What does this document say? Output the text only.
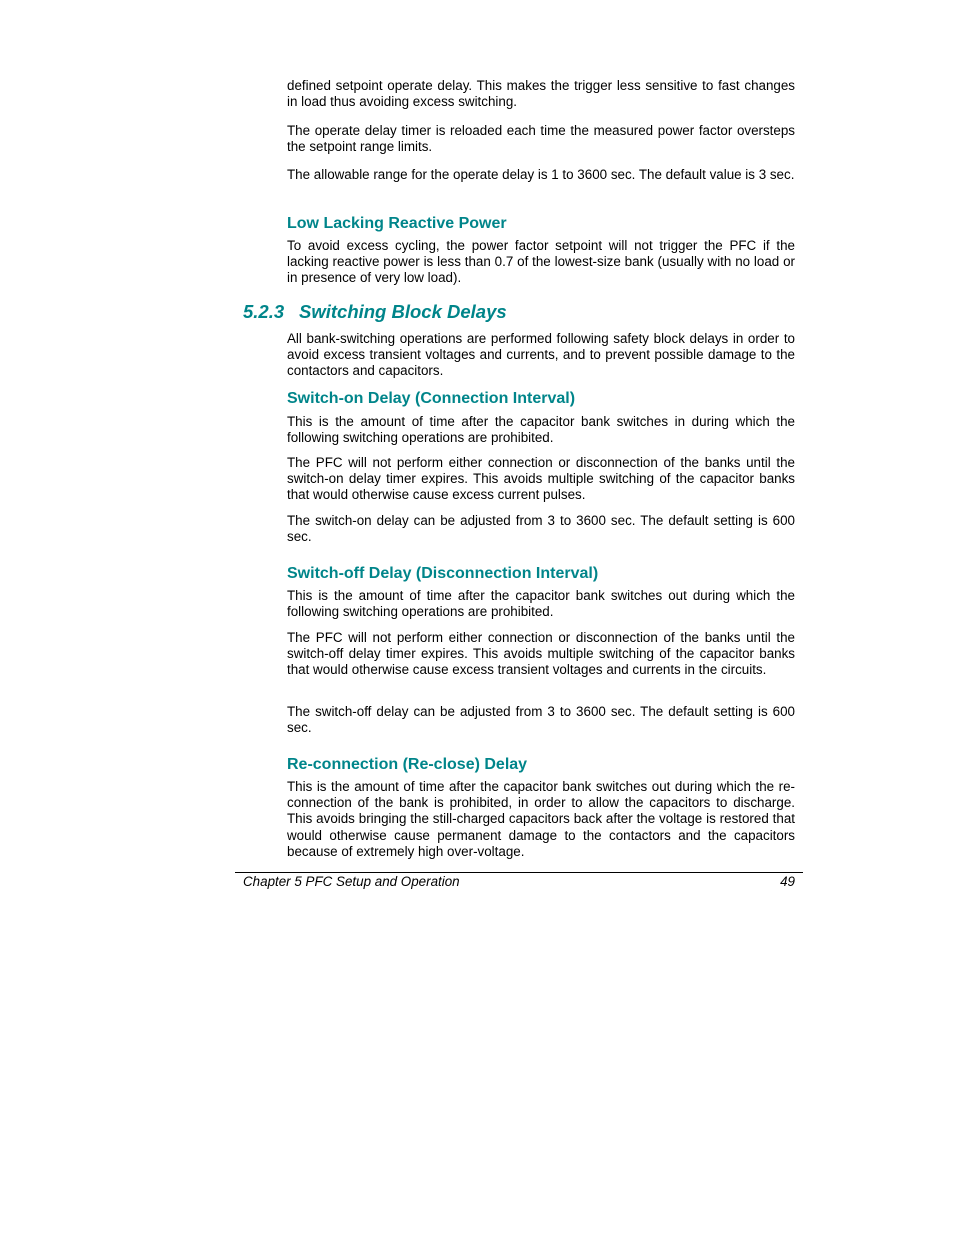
defined setpoint operate delay. This makes the trigger less sensitive to fast changes in load thus avoiding excess switching.

The operate delay timer is reloaded each time the measured power factor oversteps the setpoint range limits.

The allowable range for the operate delay is 1 to 3600 sec. The default value is 3 sec.

Low Lacking Reactive Power

To avoid excess cycling, the power factor setpoint will not trigger the PFC if the lacking reactive power is less than 0.7 of the lowest-size bank (usually with no load or in presence of very low load).

5.2.3 Switching Block Delays

All bank-switching operations are performed following safety block delays in order to avoid excess transient voltages and currents, and to prevent possible damage to the contactors and capacitors.

Switch-on Delay (Connection Interval)

This is the amount of time after the capacitor bank switches in during which the following switching operations are prohibited.

The PFC will not perform either connection or disconnection of the banks until the switch-on delay timer expires. This avoids multiple switching of the capacitor banks that would otherwise cause excess current pulses.

The switch-on delay can be adjusted from 3 to 3600 sec. The default setting is 600 sec.

Switch-off Delay (Disconnection Interval)

This is the amount of time after the capacitor bank switches out during which the following switching operations are prohibited.

The PFC will not perform either connection or disconnection of the banks until the switch-off delay timer expires. This avoids multiple switching of the capacitor banks that would otherwise cause excess transient voltages and currents in the circuits.

The switch-off delay can be adjusted from 3 to 3600 sec. The default setting is 600 sec.

Re-connection (Re-close) Delay

This is the amount of time after the capacitor bank switches out during which the re-connection of the bank is prohibited, in order to allow the capacitors to discharge. This avoids bringing the still-charged capacitors back after the voltage is restored that would otherwise cause permanent damage to the contactors and the capacitors because of extremely high over-voltage.

Chapter 5 PFC Setup and Operation	49
